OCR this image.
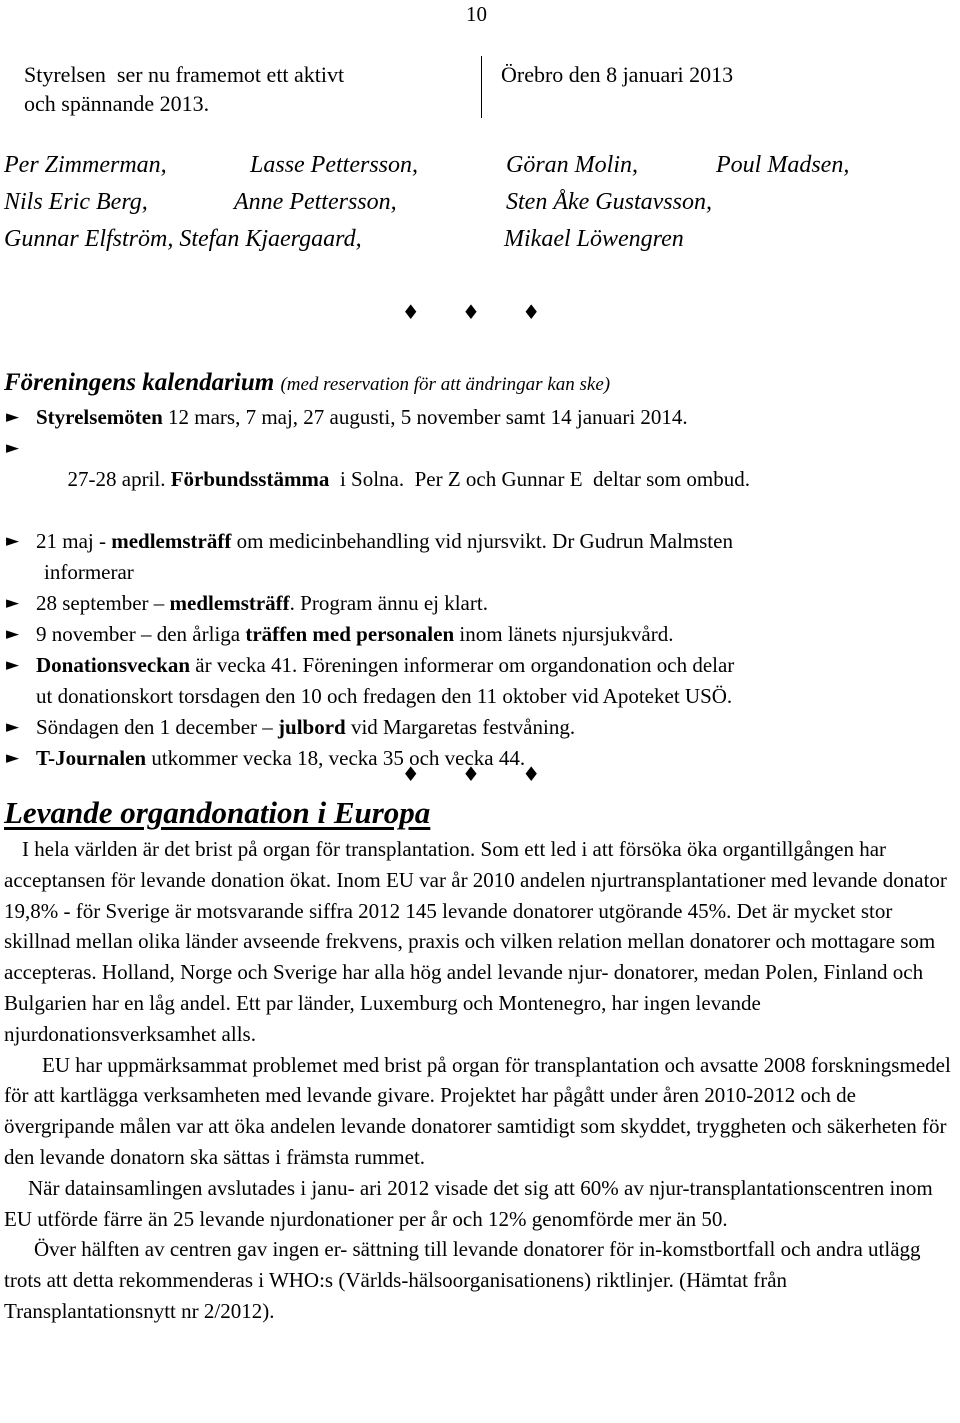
10
Styrelsen  ser nu framemot ett aktivt
och spännande 2013.
Örebro den 8 januari 2013
Per Zimmerman,	Lasse Pettersson,	Göran Molin,	Poul Madsen,
Nils Eric Berg,	Anne Pettersson,	Sten Åke Gustavsson,
Gunnar Elfström, Stefan Kjaergaard,	Mikael Löwengren
♦ ♦ ♦
Föreningens kalendarium (med reservation för att ändringar kan ske)
► Styrelsemöten 12 mars, 7 maj, 27 augusti, 5 november samt 14 januari 2014.

►
27-28 april. Förbundsstämma  i Solna.  Per Z och Gunnar E  deltar som ombud.

► 21 maj - medlemsträff om medicinbehandling vid njursvikt. Dr Gudrun Malmsten
informerar
► 28 september – medlemsträff. Program ännu ej klart.
► 9 november – den årliga träffen med personalen inom länets njursjukvård.
► Donationsveckan är vecka 41. Föreningen informerar om organdonation och delar
ut donationskort torsdagen den 10 och fredagen den 11 oktober vid Apoteket USÖ.
► Söndagen den 1 december – julbord vid Margaretas festvåning.
► T-Journalen utkommer vecka 18, vecka 35 och vecka 44.
♦ ♦ ♦
Levande organdonation i Europa

I hela världen är det brist på organ för transplantation. Som ett led i att försöka öka organtillgången har acceptansen för levande donation ökat. Inom EU var år 2010 andelen njurtransplantationer med levande donator 19,8% - för Sverige är motsvarande siffra 2012 145 levande donatorer utgörande 45%. Det är mycket stor skillnad mellan olika länder avseende frekvens, praxis och vilken relation mellan donatorer och mottagare som accepteras. Holland, Norge och Sverige har alla hög andel levande njur- donatorer, medan Polen, Finland och Bulgarien har en låg andel. Ett par länder, Luxemburg och Montenegro, har ingen levande njurdonationsverksamhet alls.

EU har uppmärksammat problemet med brist på organ för transplantation och avsatte 2008 forskningsmedel för att kartlägga verksamheten med levande givare. Projektet har pågått under åren 2010-2012 och de övergripande målen var att öka andelen levande donatorer samtidigt som skyddet, tryggheten och säkerheten för den levande donatorn ska sättas i främsta rummet.

När datainsamlingen avslutades i janu- ari 2012 visade det sig att 60% av njur-transplantationscentren inom EU utförde färre än 25 levande njurdonationer per år och 12% genomförde mer än 50.

Över hälften av centren gav ingen er- sättning till levande donatorer för in-komstbortfall och andra utlägg trots att detta rekommenderas i WHO:s (Världs-hälsoorganisationens) riktlinjer. (Hämtat från Transplantationsnytt nr 2/2012).
